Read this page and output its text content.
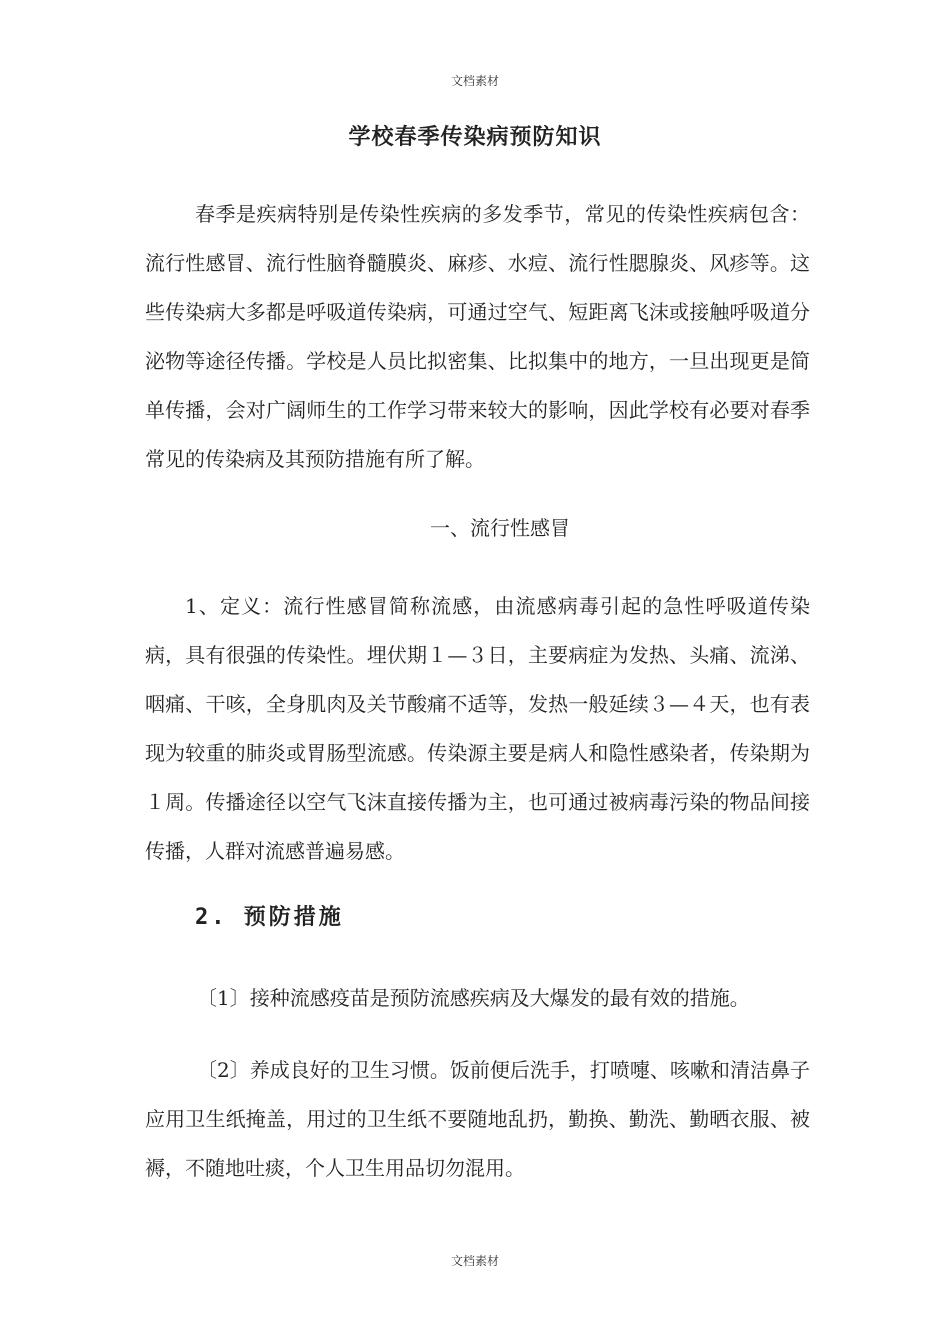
文档素材
学校春季传染病预防知识

春季是疾病特别是传染性疾病的多发季节，常见的传染性疾病包含：流行性感冒、流行性脑脊髓膜炎、麻疹、水痘、流行性腮腺炎、风疹等。这些传染病大多都是呼吸道传染病，可通过空气、短距离飞沫或接触呼吸道分泌物等途径传播。学校是人员比拟密集、比拟集中的地方，一旦出现更是简单传播，会对广阔师生的工作学习带来较大的影响，因此学校有必要对春季常见的传染病及其预防措施有所了解。

一、流行性感冒

1、定义：流行性感冒简称流感，由流感病毒引起的急性呼吸道传染病，具有很强的传染性。埋伏期１—３日，主要病症为发热、头痛、流涕、咽痛、干咳，全身肌肉及关节酸痛不适等，发热一般延续３—４天，也有表现为较重的肺炎或胃肠型流感。传染源主要是病人和隐性感染者，传染期为１周。传播途径以空气飞沫直接传播为主，也可通过被病毒污染的物品间接传播，人群对流感普遍易感。

2. 预防措施

〔1〕接种流感疫苗是预防流感疾病及大爆发的最有效的措施。

〔2〕养成良好的卫生习惯。饭前便后洗手，打喷嚏、咳嗽和清洁鼻子应用卫生纸掩盖，用过的卫生纸不要随地乱扔，勤换、勤洗、勤晒衣服、被褥，不随地吐痰，个人卫生用品切勿混用。

文档素材
